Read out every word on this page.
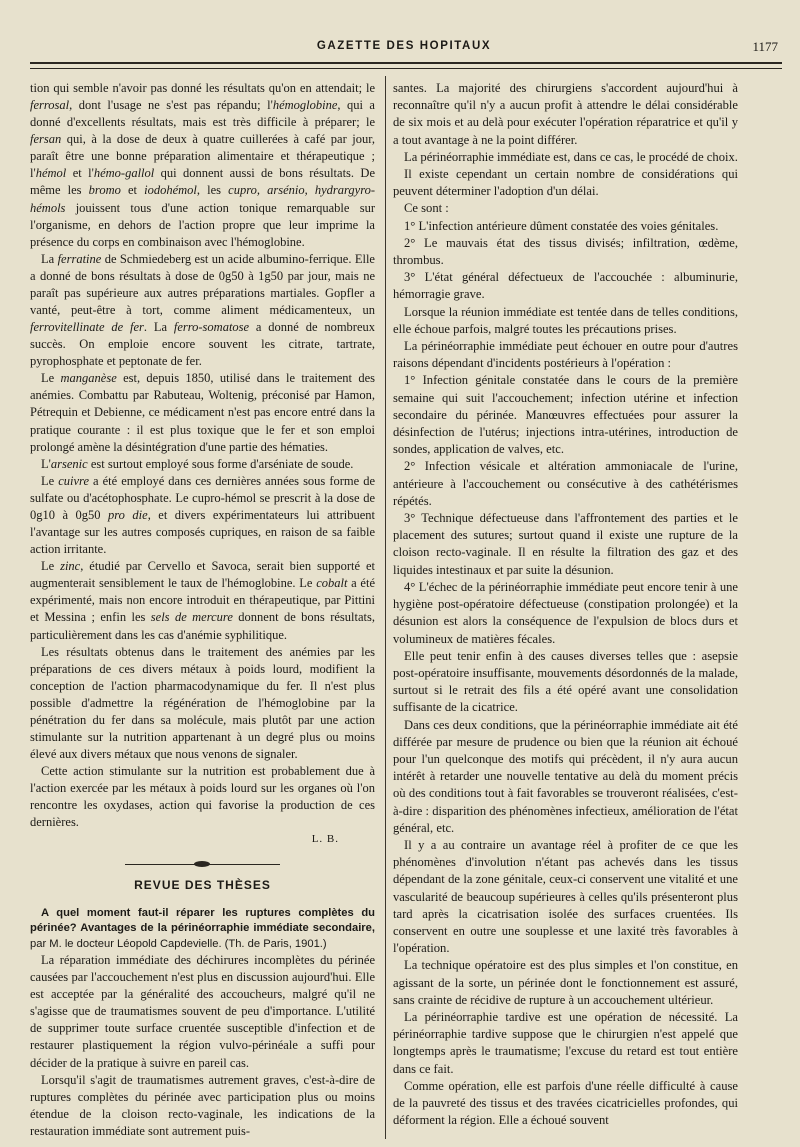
GAZETTE DES HOPITAUX	1177

tion qui semble n'avoir pas donné les résultats qu'on en attendait; le ferrosal, dont l'usage ne s'est pas répandu; l'hémoglobine, qui a donné d'excellents résultats, mais est très difficile à préparer; le fersan qui, à la dose de deux à quatre cuillerées à café par jour, paraît être une bonne préparation alimentaire et thérapeutique ; l'hémol et l'hémo-gallol qui donnent aussi de bons résultats. De même les bromo et iodohémol, les cupro, arsénio, hydrargyro-hémols jouissent tous d'une action tonique remarquable sur l'organisme, en dehors de l'action propre que leur imprime la présence du corps en combinaison avec l'hémoglobine.

La ferratine de Schmiedeberg est un acide albumino-ferrique. Elle a donné de bons résultats à dose de 0g50 à 1g50 par jour, mais ne paraît pas supérieure aux autres préparations martiales. Gopfler a vanté, peut-être à tort, comme aliment médicamenteux, un ferrovitellinate de fer. La ferro-somatose a donné de nombreux succès. On emploie encore souvent les citrate, tartrate, pyrophosphate et peptonate de fer.

Le manganèse est, depuis 1850, utilisé dans le traitement des anémies. Combattu par Rabuteau, Woltenig, préconisé par Hamon, Pétrequin et Debienne, ce médicament n'est pas encore entré dans la pratique courante : il est plus toxique que le fer et son emploi prolongé amène la désintégration d'une partie des hématies.

L'arsenic est surtout employé sous forme d'arséniate de soude.

Le cuivre a été employé dans ces dernières années sous forme de sulfate ou d'acétophosphate. Le cupro-hémol se prescrit à la dose de 0g10 à 0g50 pro die, et divers expérimentateurs lui attribuent l'avantage sur les autres composés cupriques, en raison de sa faible action irritante.

Le zinc, étudié par Cervello et Savoca, serait bien supporté et augmenterait sensiblement le taux de l'hémoglobine. Le cobalt a été expérimenté, mais non encore introduit en thérapeutique, par Pittini et Messina ; enfin les sels de mercure donnent de bons résultats, particulièrement dans les cas d'anémie syphilitique.

Les résultats obtenus dans le traitement des anémies par les préparations de ces divers métaux à poids lourd, modifient la conception de l'action pharmacodynamique du fer. Il n'est plus possible d'admettre la régénération de l'hémoglobine par la pénétration du fer dans sa molécule, mais plutôt par une action stimulante sur la nutrition appartenant à un degré plus ou moins élevé aux divers métaux que nous venons de signaler.

Cette action stimulante sur la nutrition est probablement due à l'action exercée par les métaux à poids lourd sur les organes où l'on rencontre les oxydases, action qui favorise la production de ces dernières.

L. B.
REVUE DES THÈSES

A quel moment faut-il réparer les ruptures complètes du périnée? Avantages de la périnéorraphie immédiate secondaire, par M. le docteur Léopold Capdevielle. (Th. de Paris, 1901.)

La réparation immédiate des déchirures incomplètes du périnée causées par l'accouchement n'est plus en discussion aujourd'hui. Elle est acceptée par la généralité des accoucheurs, malgré qu'il ne s'agisse que de traumatismes souvent de peu d'importance. L'utilité de supprimer toute surface cruentée susceptible d'infection et de restaurer plastiquement la région vulvo-périnéale a suffi pour décider de la pratique à suivre en pareil cas.

Lorsqu'il s'agit de traumatismes autrement graves, c'est-à-dire de ruptures complètes du périnée avec participation plus ou moins étendue de la cloison recto-vaginale, les indications de la restauration immédiate sont autrement puis-

santes. La majorité des chirurgiens s'accordent aujourd'hui à reconnaître qu'il n'y a aucun profit à attendre le délai considérable de six mois et au delà pour exécuter l'opération réparatrice et qu'il y a tout avantage à ne la point différer.

La périnéorraphie immédiate est, dans ce cas, le procédé de choix.

Il existe cependant un certain nombre de considérations qui peuvent déterminer l'adoption d'un délai.

Ce sont :

1° L'infection antérieure dûment constatée des voies génitales.

2° Le mauvais état des tissus divisés; infiltration, œdème, thrombus.

3° L'état général défectueux de l'accouchée : albuminurie, hémorragie grave.

Lorsque la réunion immédiate est tentée dans de telles conditions, elle échoue parfois, malgré toutes les précautions prises.

La périnéorraphie immédiate peut échouer en outre pour d'autres raisons dépendant d'incidents postérieurs à l'opération :

1° Infection génitale constatée dans le cours de la première semaine qui suit l'accouchement; infection utérine et infection secondaire du périnée. Manœuvres effectuées pour assurer la désinfection de l'utérus; injections intra-utérines, introduction de sondes, application de valves, etc.

2° Infection vésicale et altération ammoniacale de l'urine, antérieure à l'accouchement ou consécutive à des cathétérismes répétés.

3° Technique défectueuse dans l'affrontement des parties et le placement des sutures; surtout quand il existe une rupture de la cloison recto-vaginale. Il en résulte la filtration des gaz et des liquides intestinaux et par suite la désunion.

4° L'échec de la périnéorraphie immédiate peut encore tenir à une hygiène post-opératoire défectueuse (constipation prolongée) et la désunion est alors la conséquence de l'expulsion de blocs durs et volumineux de matières fécales.

Elle peut tenir enfin à des causes diverses telles que : asepsie post-opératoire insuffisante, mouvements désordonnés de la malade, surtout si le retrait des fils a été opéré avant une consolidation suffisante de la cicatrice.

Dans ces deux conditions, que la périnéorraphie immédiate ait été différée par mesure de prudence ou bien que la réunion ait échoué pour l'un quelconque des motifs qui précèdent, il n'y aura aucun intérêt à retarder une nouvelle tentative au delà du moment précis où des conditions tout à fait favorables se trouveront réalisées, c'est-à-dire : disparition des phénomènes infectieux, amélioration de l'état général, etc.

Il y a au contraire un avantage réel à profiter de ce que les phénomènes d'involution n'étant pas achevés dans les tissus dépendant de la zone génitale, ceux-ci conservent une vitalité et une vascularité de beaucoup supérieures à celles qu'ils présenteront plus tard après la cicatrisation isolée des surfaces cruentées. Ils conservent en outre une souplesse et une laxité très favorables à l'opération.

La technique opératoire est des plus simples et l'on constitue, en agissant de la sorte, un périnée dont le fonctionnement est assuré, sans crainte de récidive de rupture à un accouchement ultérieur.

La périnéorraphie tardive est une opération de nécessité. La périnéorraphie tardive suppose que le chirurgien n'est appelé que longtemps après le traumatisme; l'excuse du retard est tout entière dans ce fait.

Comme opération, elle est parfois d'une réelle difficulté à cause de la pauvreté des tissus et des travées cicatricielles profondes, qui déforment la région. Elle a échoué souvent
